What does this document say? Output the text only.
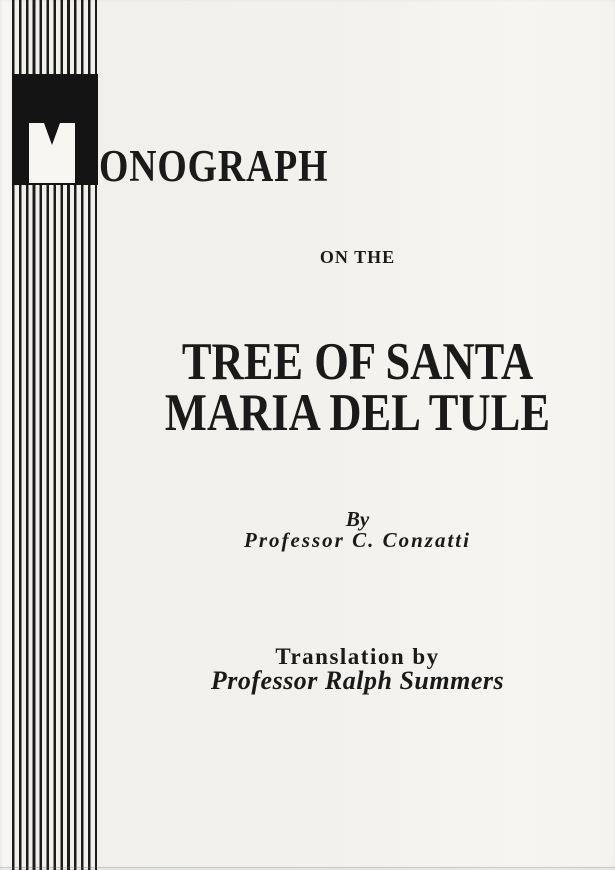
ONOGRAPH
ON THE
TREE OF SANTA
MARIA DEL TULE
By
Professor C. Conzatti
Translation by
Professor Ralph Summers
